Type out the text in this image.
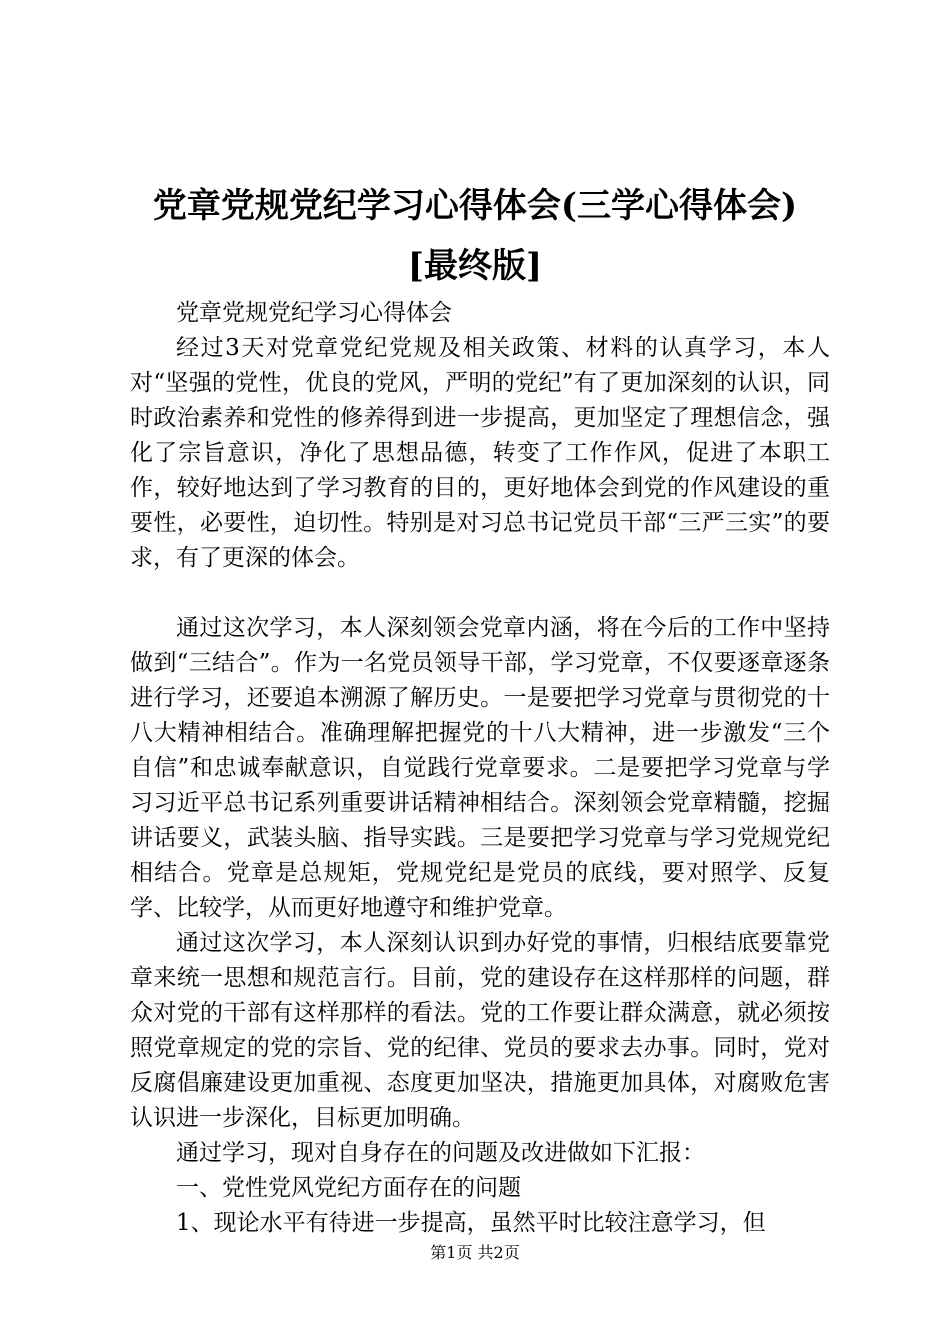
党章党规党纪学习心得体会(三学心得体会)
[最终版]

党章党规党纪学习心得体会

经过3天对党章党纪党规及相关政策、材料的认真学习，本人对“坚强的党性，优良的党风，严明的党纪”有了更加深刻的认识，同时政治素养和党性的修养得到进一步提高，更加坚定了理想信念，强化了宗旨意识，净化了思想品德，转变了工作作风，促进了本职工作，较好地达到了学习教育的目的，更好地体会到党的作风建设的重要性，必要性，迫切性。特别是对习总书记党员干部“三严三实”的要求，有了更深的体会。

通过这次学习，本人深刻领会党章内涵，将在今后的工作中坚持做到“三结合”。作为一名党员领导干部，学习党章，不仅要逐章逐条进行学习，还要追本溯源了解历史。一是要把学习党章与贯彻党的十八大精神相结合。准确理解把握党的十八大精神，进一步激发“三个自信”和忠诚奉献意识，自觉践行党章要求。二是要把学习党章与学习习近平总书记系列重要讲话精神相结合。深刻领会党章精髓，挖掘讲话要义，武装头脑、指导实践。三是要把学习党章与学习党规党纪相结合。党章是总规矩，党规党纪是党员的底线，要对照学、反复学、比较学，从而更好地遵守和维护党章。

通过这次学习，本人深刻认识到办好党的事情，归根结底要靠党章来统一思想和规范言行。目前，党的建设存在这样那样的问题，群众对党的干部有这样那样的看法。党的工作要让群众满意，就必须按照党章规定的党的宗旨、党的纪律、党员的要求去办事。同时，党对反腐倡廉建设更加重视、态度更加坚决，措施更加具体，对腐败危害认识进一步深化，目标更加明确。

通过学习，现对自身存在的问题及改进做如下汇报：

一、党性党风党纪方面存在的问题

1、现论水平有待进一步提高，虽然平时比较注意学习，但

第1页 共2页
